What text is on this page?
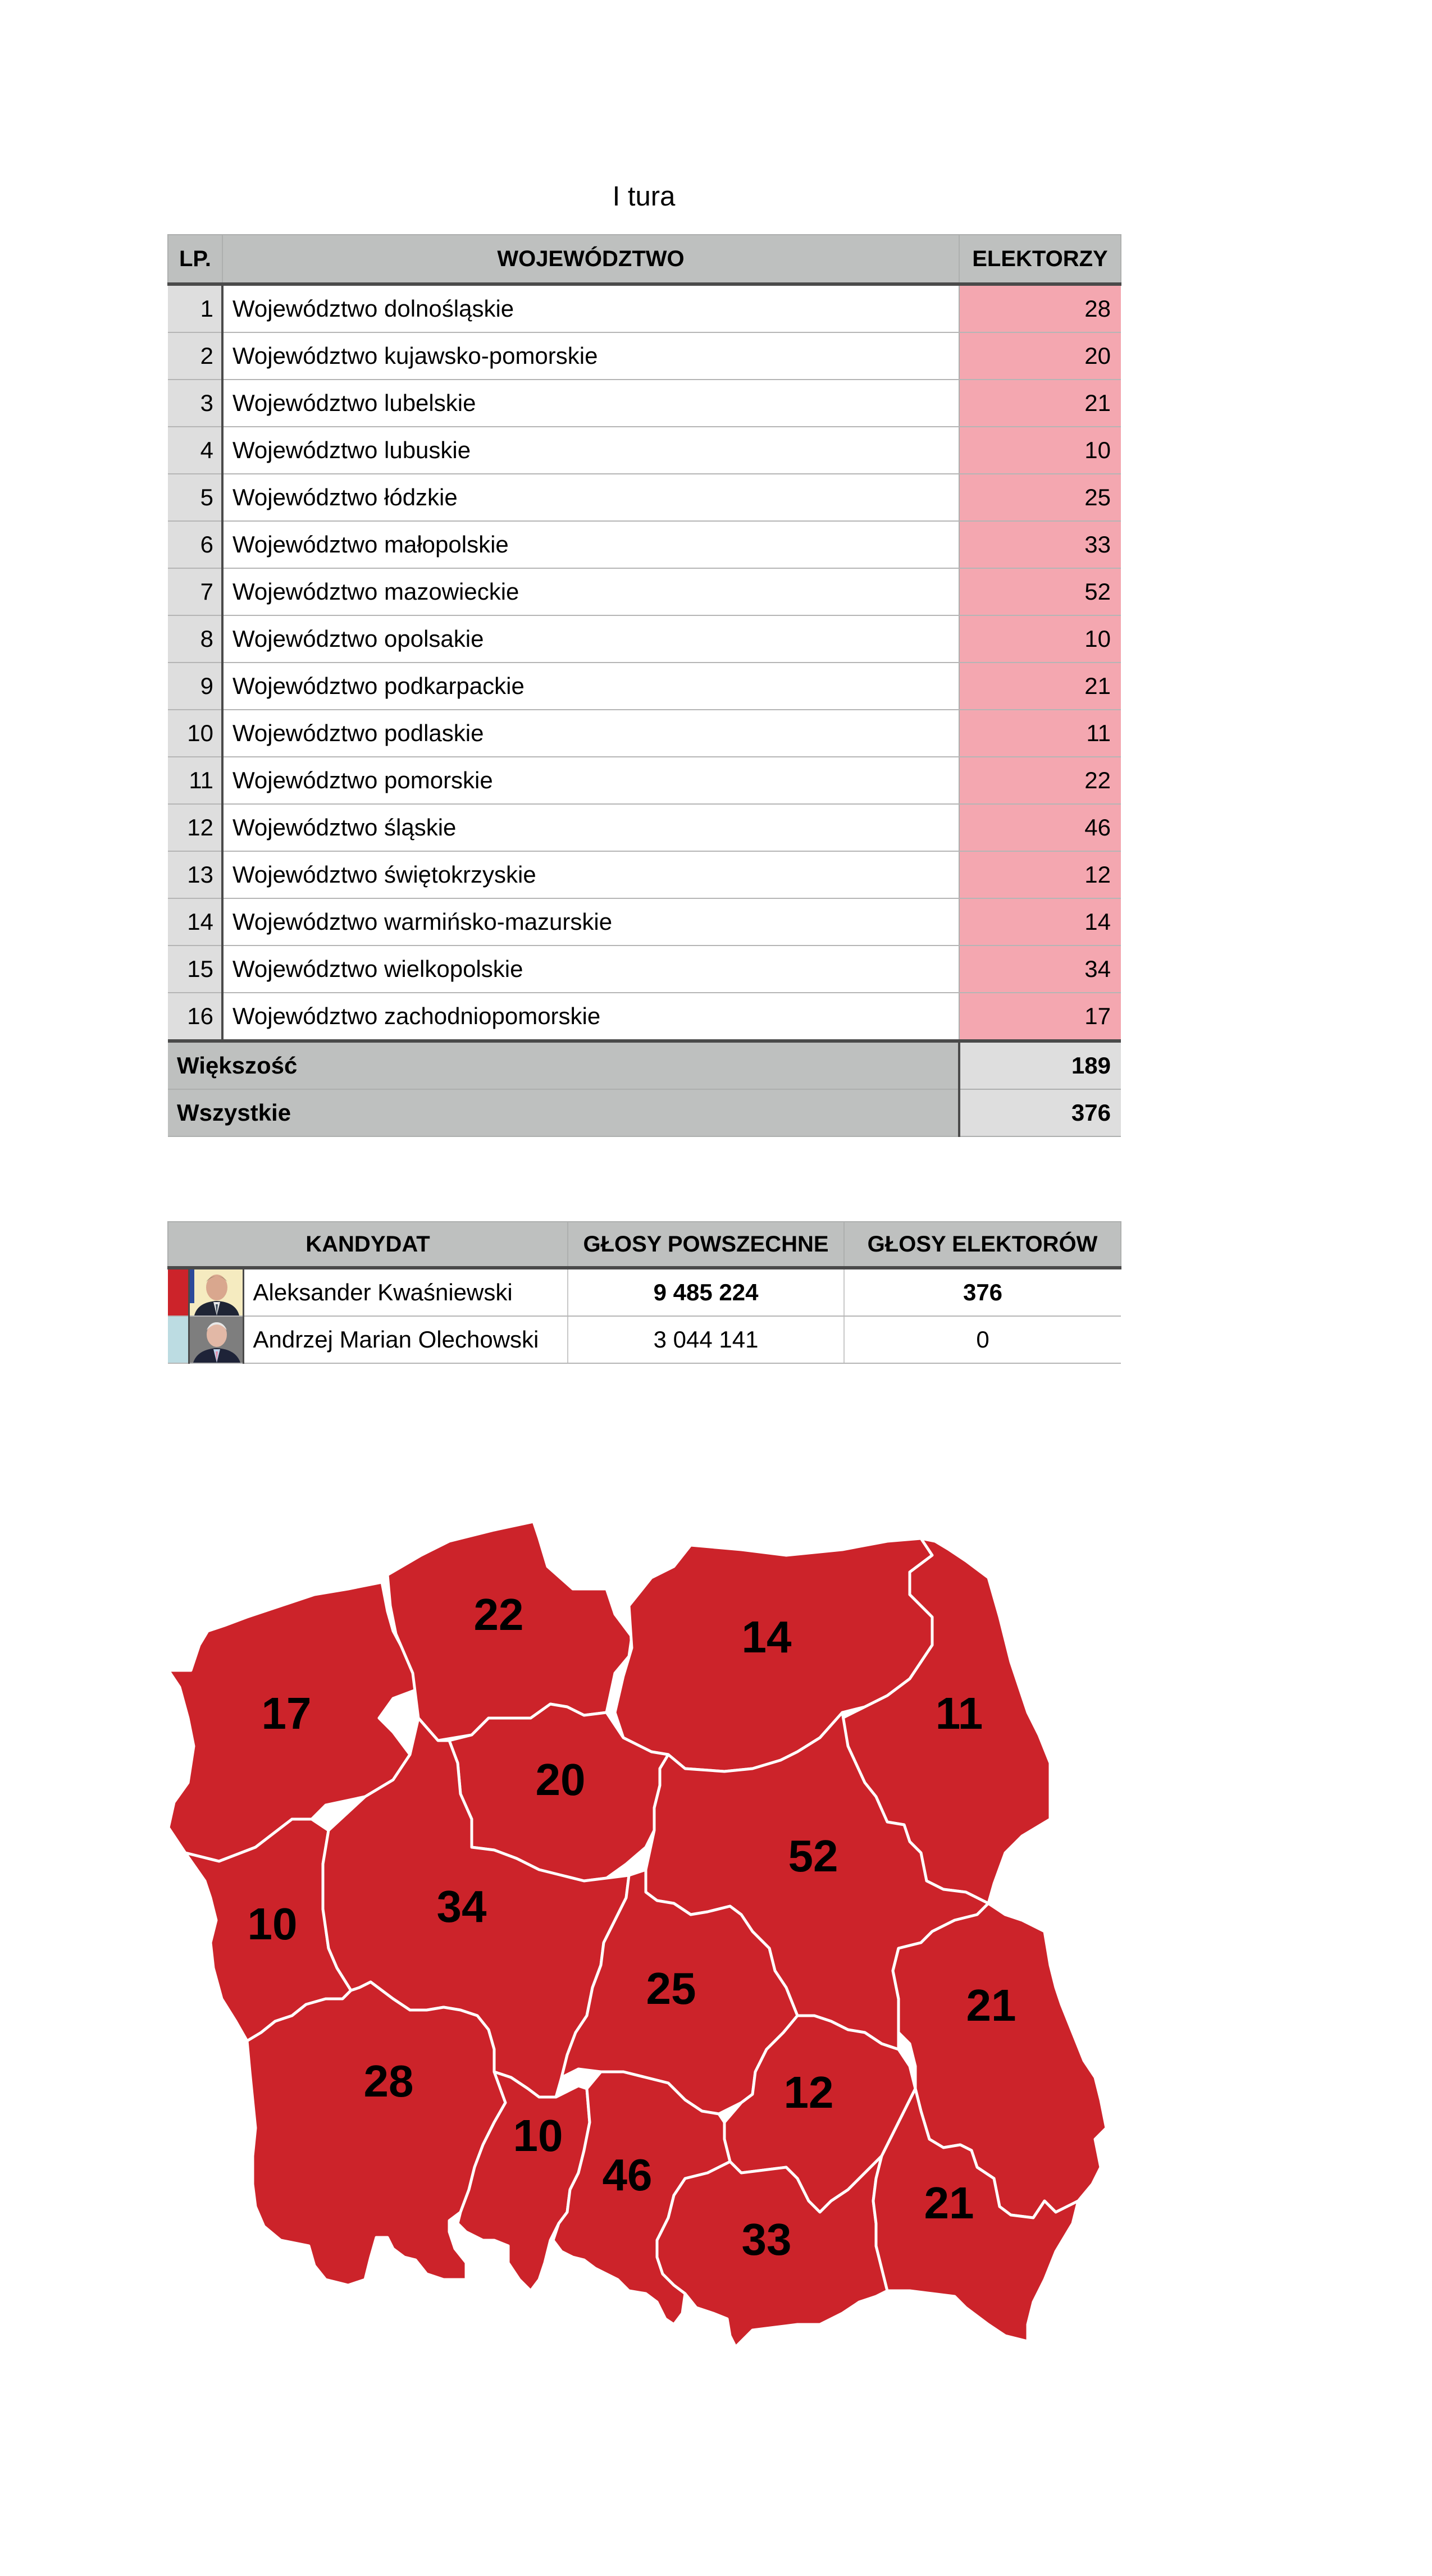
I tura
LP.	WOJEWÓDZTWO	ELEKTORZY
1	Województwo dolnośląskie	28
2	Województwo kujawsko-pomorskie	20
3	Województwo lubelskie	21
4	Województwo lubuskie	10
5	Województwo łódzkie	25
6	Województwo małopolskie	33
7	Województwo mazowieckie	52
8	Województwo opolsakie	10
9	Województwo podkarpackie	21
10	Województwo podlaskie	11
11	Województwo pomorskie	22
12	Województwo śląskie	46
13	Województwo świętokrzyskie	12
14	Województwo warmińsko-mazurskie	14
15	Województwo wielkopolskie	34
16	Województwo zachodniopomorskie	17
Większość		189
Wszystkie		376
KANDYDAT			GŁOSY POWSZECHNE	GŁOSY ELEKTORÓW

	Aleksander Kwaśniewski	9 485 224	376

	Andrzej Marian Olechowski	3 044 141	0
17
22	14
11
20
52
10	34
25	21
28	12
10
46
21
33
